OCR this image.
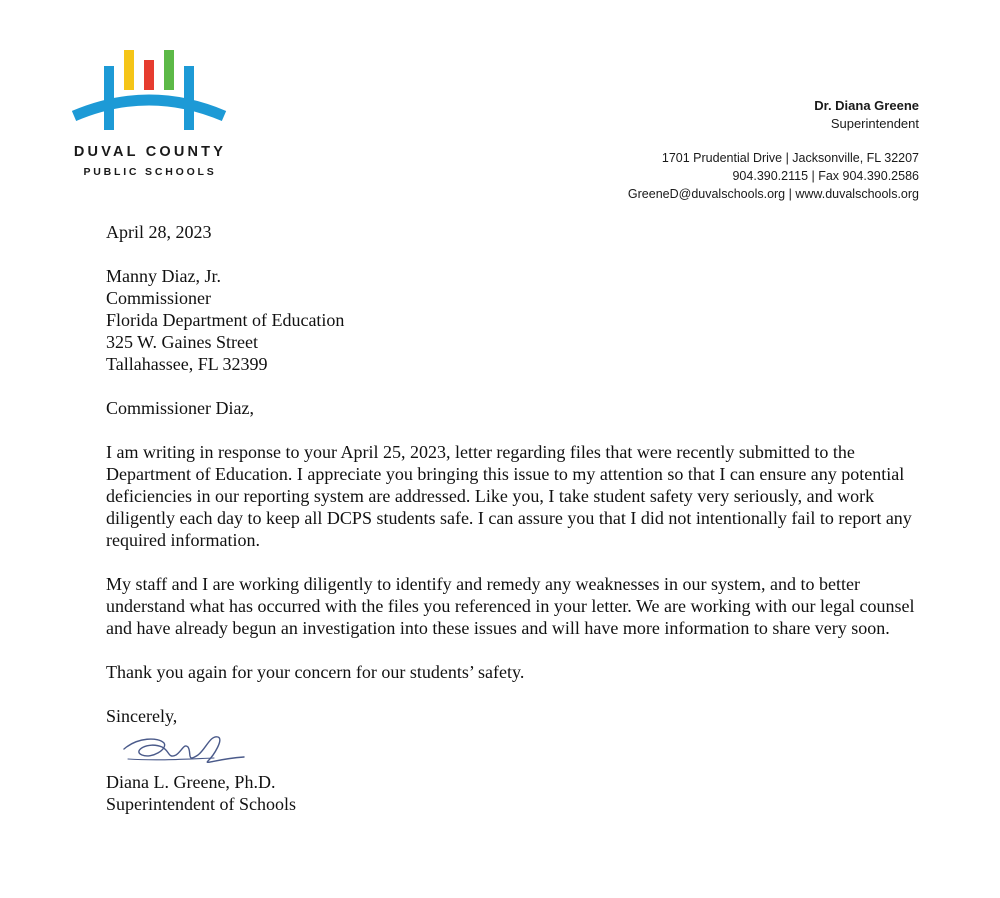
DUVAL COUNTY
PUBLIC SCHOOLS
Dr. Diana Greene
Superintendent
1701 Prudential Drive | Jacksonville, FL 32207
904.390.2115 | Fax 904.390.2586
GreeneD@duvalschools.org | www.duvalschools.org

April 28, 2023

Manny Diaz, Jr.

Commissioner

Florida Department of Education

325 W. Gaines Street

Tallahassee, FL 32399

Commissioner Diaz,

I am writing in response to your April 25, 2023, letter regarding files that were recently submitted to the Department of Education. I appreciate you bringing this issue to my attention so that I can ensure any potential deficiencies in our reporting system are addressed. Like you, I take student safety very seriously, and work diligently each day to keep all DCPS students safe. I can assure you that I did not intentionally fail to report any required information.

My staff and I are working diligently to identify and remedy any weaknesses in our system, and to better understand what has occurred with the files you referenced in your letter. We are working with our legal counsel and have already begun an investigation into these issues and will have more information to share very soon.

Thank you again for your concern for our students’ safety.

Sincerely,

Diana L. Greene, Ph.D.

Superintendent of Schools
